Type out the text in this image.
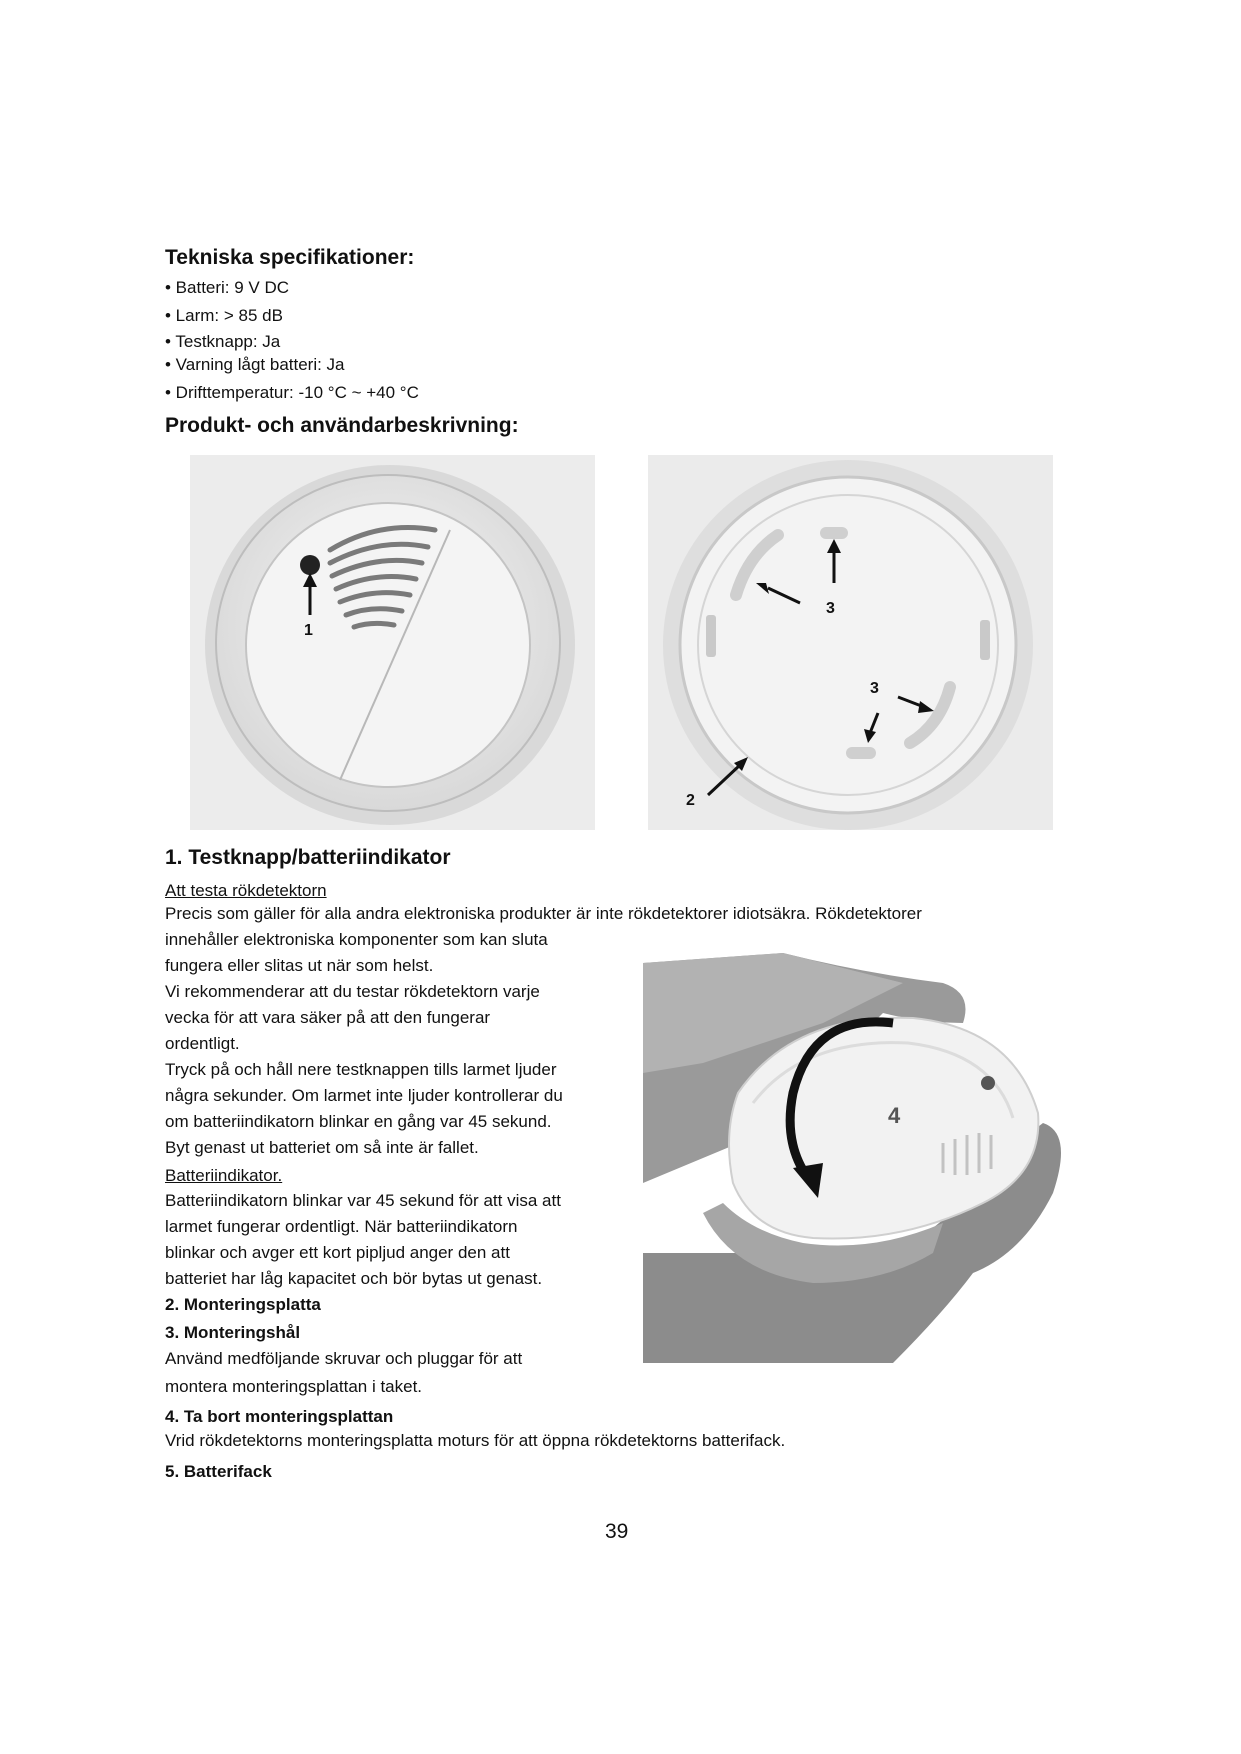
Tekniska specifikationer:
• Batteri: 9 V DC
• Larm: > 85 dB
• Testknapp: Ja
• Varning lågt batteri: Ja
• Drifttemperatur: -10 °C ~ +40 °C
Produkt- och användarbeskrivning:
1
3
3
2
1. Testknapp/batteriindikator
Att testa rökdetektorn
Precis som gäller för alla andra elektroniska produkter är inte rökdetektorer idiotsäkra. Rökdetektorer
innehåller elektroniska komponenter som kan sluta
fungera eller slitas ut när som helst.
Vi rekommenderar att du testar rökdetektorn varje
vecka för att vara säker på att den fungerar
ordentligt.
Tryck på och håll nere testknappen tills larmet ljuder
några sekunder. Om larmet inte ljuder kontrollerar du
om batteriindikatorn blinkar en gång var 45 sekund.
Byt genast ut batteriet om så inte är fallet.
Batteriindikator.
Batteriindikatorn blinkar var 45 sekund för att visa att
larmet fungerar ordentligt. När batteriindikatorn
blinkar och avger ett kort pipljud anger den att
batteriet har låg kapacitet och bör bytas ut genast.
4
2. Monteringsplatta
3. Monteringshål
Använd medföljande skruvar och pluggar för att
montera monteringsplattan i taket.
4. Ta bort monteringsplattan
Vrid rökdetektorns monteringsplatta moturs för att öppna rökdetektorns batterifack.
5. Batterifack
39
